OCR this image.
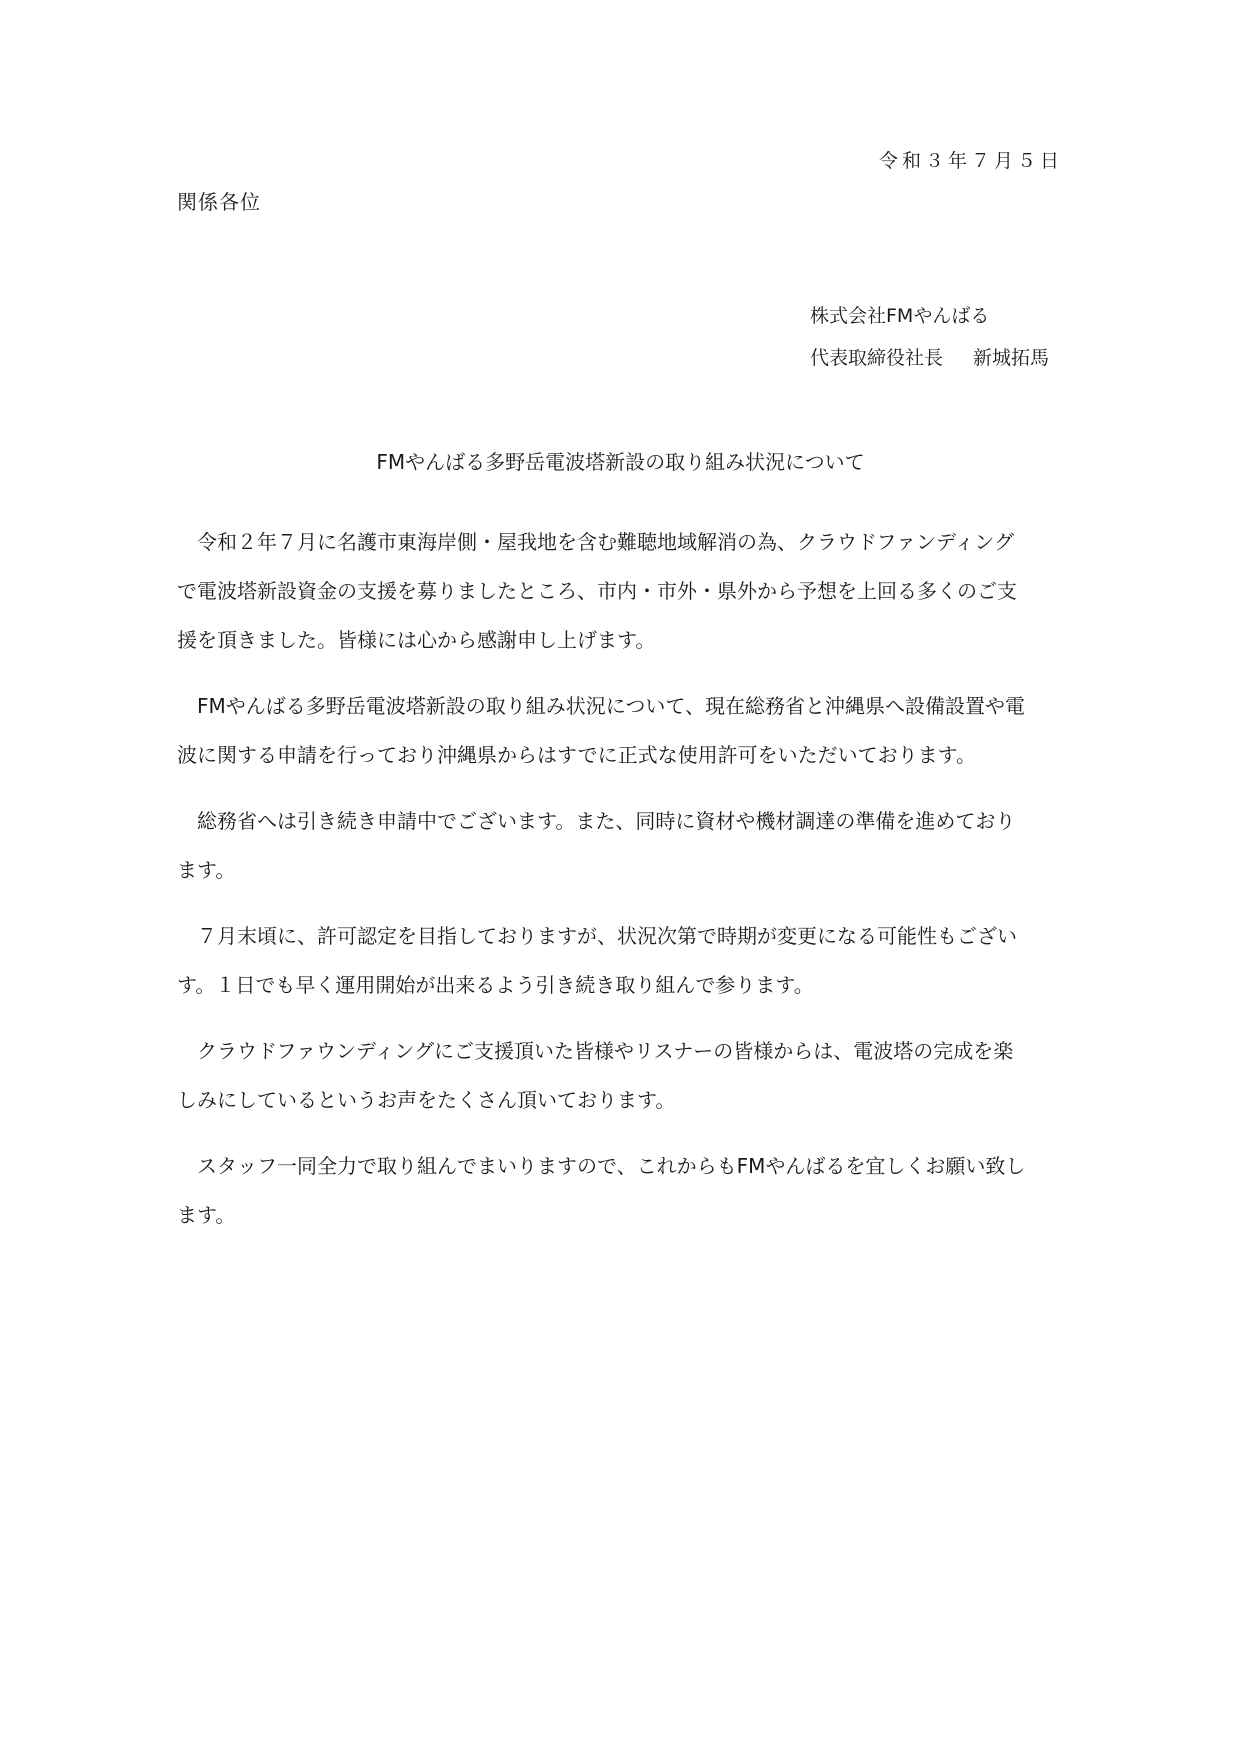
令和３年７月５日
関係各位
株式会社FMやんばる
代表取締役社長 新城拓馬
FMやんばる多野岳電波塔新設の取り組み状況について

令和２年７月に名護市東海岸側・屋我地を含む難聴地域解消の為、クラウドファンディング
で電波塔新設資金の支援を募りましたところ、市内・市外・県外から予想を上回る多くのご支
援を頂きました。皆様には心から感謝申し上げます。

FMやんばる多野岳電波塔新設の取り組み状況について、現在総務省と沖縄県へ設備設置や電
波に関する申請を行っており沖縄県からはすでに正式な使用許可をいただいております。

総務省へは引き続き申請中でございます。また、同時に資材や機材調達の準備を進めており
ます。

７月末頃に、許可認定を目指しておりますが、状況次第で時期が変更になる可能性もござい
す。１日でも早く運用開始が出来るよう引き続き取り組んで参ります。

クラウドファウンディングにご支援頂いた皆様やリスナーの皆様からは、電波塔の完成を楽
しみにしているというお声をたくさん頂いております。

スタッフ一同全力で取り組んでまいりますので、これからもFMやんばるを宜しくお願い致し
ます。
